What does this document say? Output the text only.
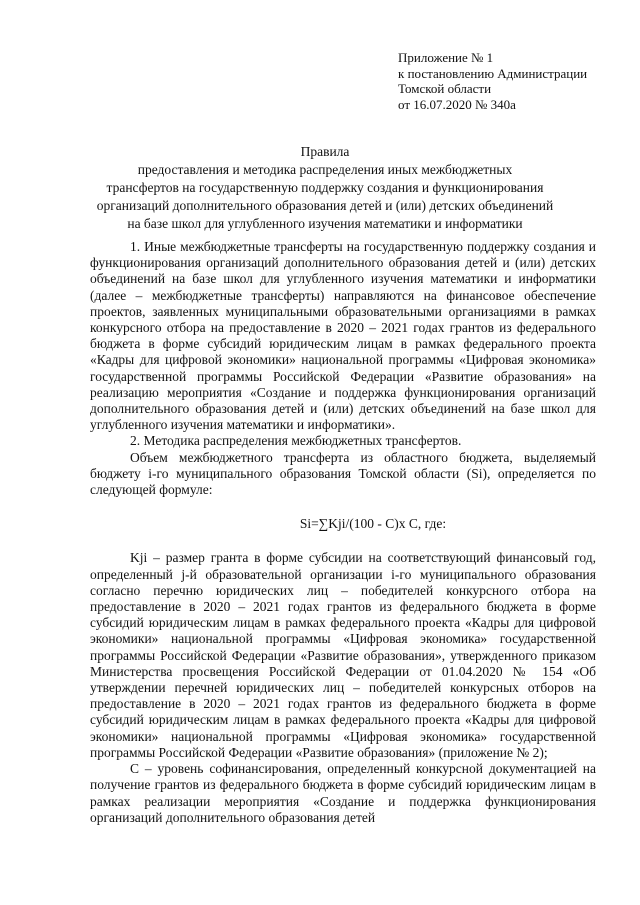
Приложение № 1
к постановлению Администрации
Томской области
от 16.07.2020 № 340а
Правила
предоставления и методика распределения иных межбюджетных
трансфертов на государственную поддержку создания и функционирования
организаций дополнительного образования детей и (или) детских объединений
на базе школ для углубленного изучения математики и информатики

1. Иные межбюджетные трансферты на государственную поддержку создания и функционирования организаций дополнительного образования детей и (или) детских объединений на базе школ для углубленного изучения математики и информатики (далее – межбюджетные трансферты) направляются на финансовое обеспечение проектов, заявленных муниципальными образовательными организациями в рамках конкурсного отбора на предоставление в 2020 – 2021 годах грантов из федерального бюджета в форме субсидий юридическим лицам в рамках федерального проекта «Кадры для цифровой экономики» национальной программы «Цифровая экономика» государственной программы Российской Федерации «Развитие образования» на реализацию мероприятия «Создание и поддержка функционирования организаций дополнительного образования детей и (или) детских объединений на базе школ для углубленного изучения математики и информатики».

2. Методика распределения межбюджетных трансфертов.

Объем межбюджетного трансферта из областного бюджета, выделяемый бюджету i-го муниципального образования Томской области (Si), определяется по следующей формуле:

Si=∑Kji/(100 - C)x C, где:

Kji – размер гранта в форме субсидии на соответствующий финансовый год, определенный j-й образовательной организации i-го муниципального образования согласно перечню юридических лиц – победителей конкурсного отбора на предоставление в 2020 – 2021 годах грантов из федерального бюджета в форме субсидий юридическим лицам в рамках федерального проекта «Кадры для цифровой экономики» национальной программы «Цифровая экономика» государственной программы Российской Федерации «Развитие образования», утвержденного приказом Министерства просвещения Российской Федерации от 01.04.2020 № 154 «Об утверждении перечней юридических лиц – победителей конкурсных отборов на предоставление в 2020 – 2021 годах грантов из федерального бюджета в форме субсидий юридическим лицам в рамках федерального проекта «Кадры для цифровой экономики» национальной программы «Цифровая экономика» государственной программы Российской Федерации «Развитие образования» (приложение № 2);

С – уровень софинансирования, определенный конкурсной документацией на получение грантов из федерального бюджета в форме субсидий юридическим лицам в рамках реализации мероприятия «Создание и поддержка функционирования организаций дополнительного образования детей
